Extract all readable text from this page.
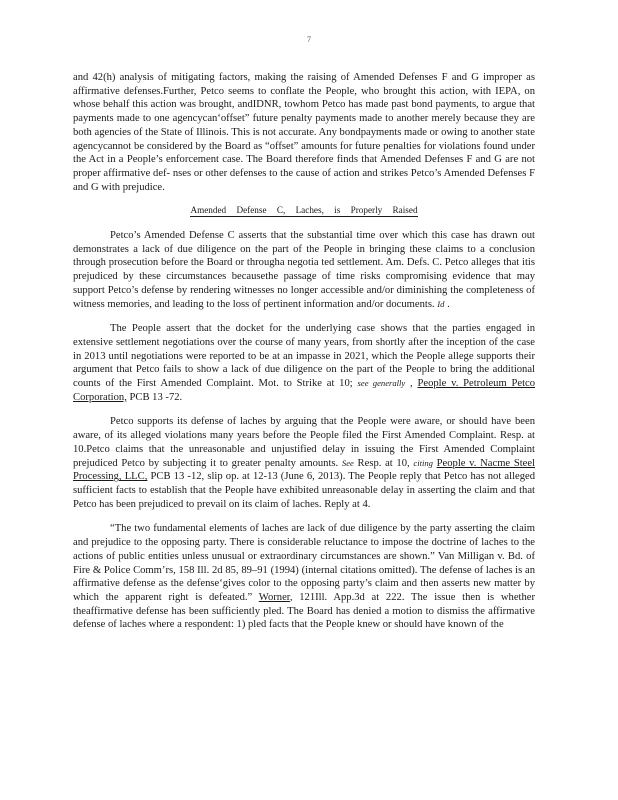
7

and 42(h) analysis of mitigating factors, making the raising of Amended Defenses F and G improper as affirmative defenses.Further, Petco seems to conflate the People, who brought this action, with IEPA, on whose behalf this action was brought, andIDNR, towhom Petco has made past bond payments, to argue that payments made to one agencycan‘offset” future penalty payments made to another merely because they are both agencies of the State of Illinois. This is not accurate. Any bondpayments made or owing to another state agencycannot be considered by the Board as “offset” amounts for future penalties for violations found under the Act in a People’s enforcement case. The Board therefore finds that Amended Defenses F and G are not proper affirmative def- nses or other defenses to the cause of action and strikes Petco’s Amended Defenses F and G with prejudice.

Amended Defense C, Laches, is Properly Raised

Petco’s Amended Defense C asserts that the substantial time over which this case has drawn out demonstrates a lack of due diligence on the part of the People in bringing these claims to a conclusion through prosecution before the Board or througha negotia ted settlement. Am. Defs. C. Petco alleges that itis prejudiced by these circumstances becausethe passage of time risks compromising evidence that may support Petco’s defense by rendering witnesses no longer accessible and/or diminishing the completeness of witness memories, and leading to the loss of pertinent information and/or documents. Id .

The People assert that the docket for the underlying case shows that the parties engaged in extensive settlement negotiations over the course of many years, from shortly after the inception of the case in 2013 until negotiations were reported to be at an impasse in 2021, which the People allege supports their argument that Petco fails to show a lack of due diligence on the part of the People to bring the additional counts of the First Amended Complaint. Mot. to Strike at 10; see generally , People v. Petroleum Petco Corporation, PCB 13 -72.

Petco supports its defense of laches by arguing that the People were aware, or should have been aware, of its alleged violations many years before the People filed the First Amended Complaint. Resp. at 10.Petco claims that the unreasonable and unjustified delay in issuing the First Amended Complaint prejudiced Petco by subjecting it to greater penalty amounts. See Resp. at 10, citing People v. Nacme Steel Processing, LLC, PCB 13 -12, slip op. at 12-13 (June 6, 2013). The People reply that Petco has not alleged sufficient facts to establish that the People have exhibited unreasonable delay in asserting the claim and that Petco has been prejudiced to prevail on its claim of laches. Reply at 4.

“The two fundamental elements of laches are lack of due diligence by the party asserting the claim and prejudice to the opposing party. There is considerable reluctance to impose the doctrine of laches to the actions of public entities unless unusual or extraordinary circumstances are shown.” Van Milligan v. Bd. of Fire & Police Comm’rs, 158 Ill. 2d 85, 89–91 (1994) (internal citations omitted). The defense of laches is an affirmative defense as the defense‘gives color to the opposing party’s claim and then asserts new matter by which the apparent right is defeated.” Worner, 121Ill. App.3d at 222. The issue then is whether theaffirmative defense has been sufficiently pled. The Board has denied a motion to dismiss the affirmative defense of laches where a respondent: 1) pled facts that the People knew or should have known of the
